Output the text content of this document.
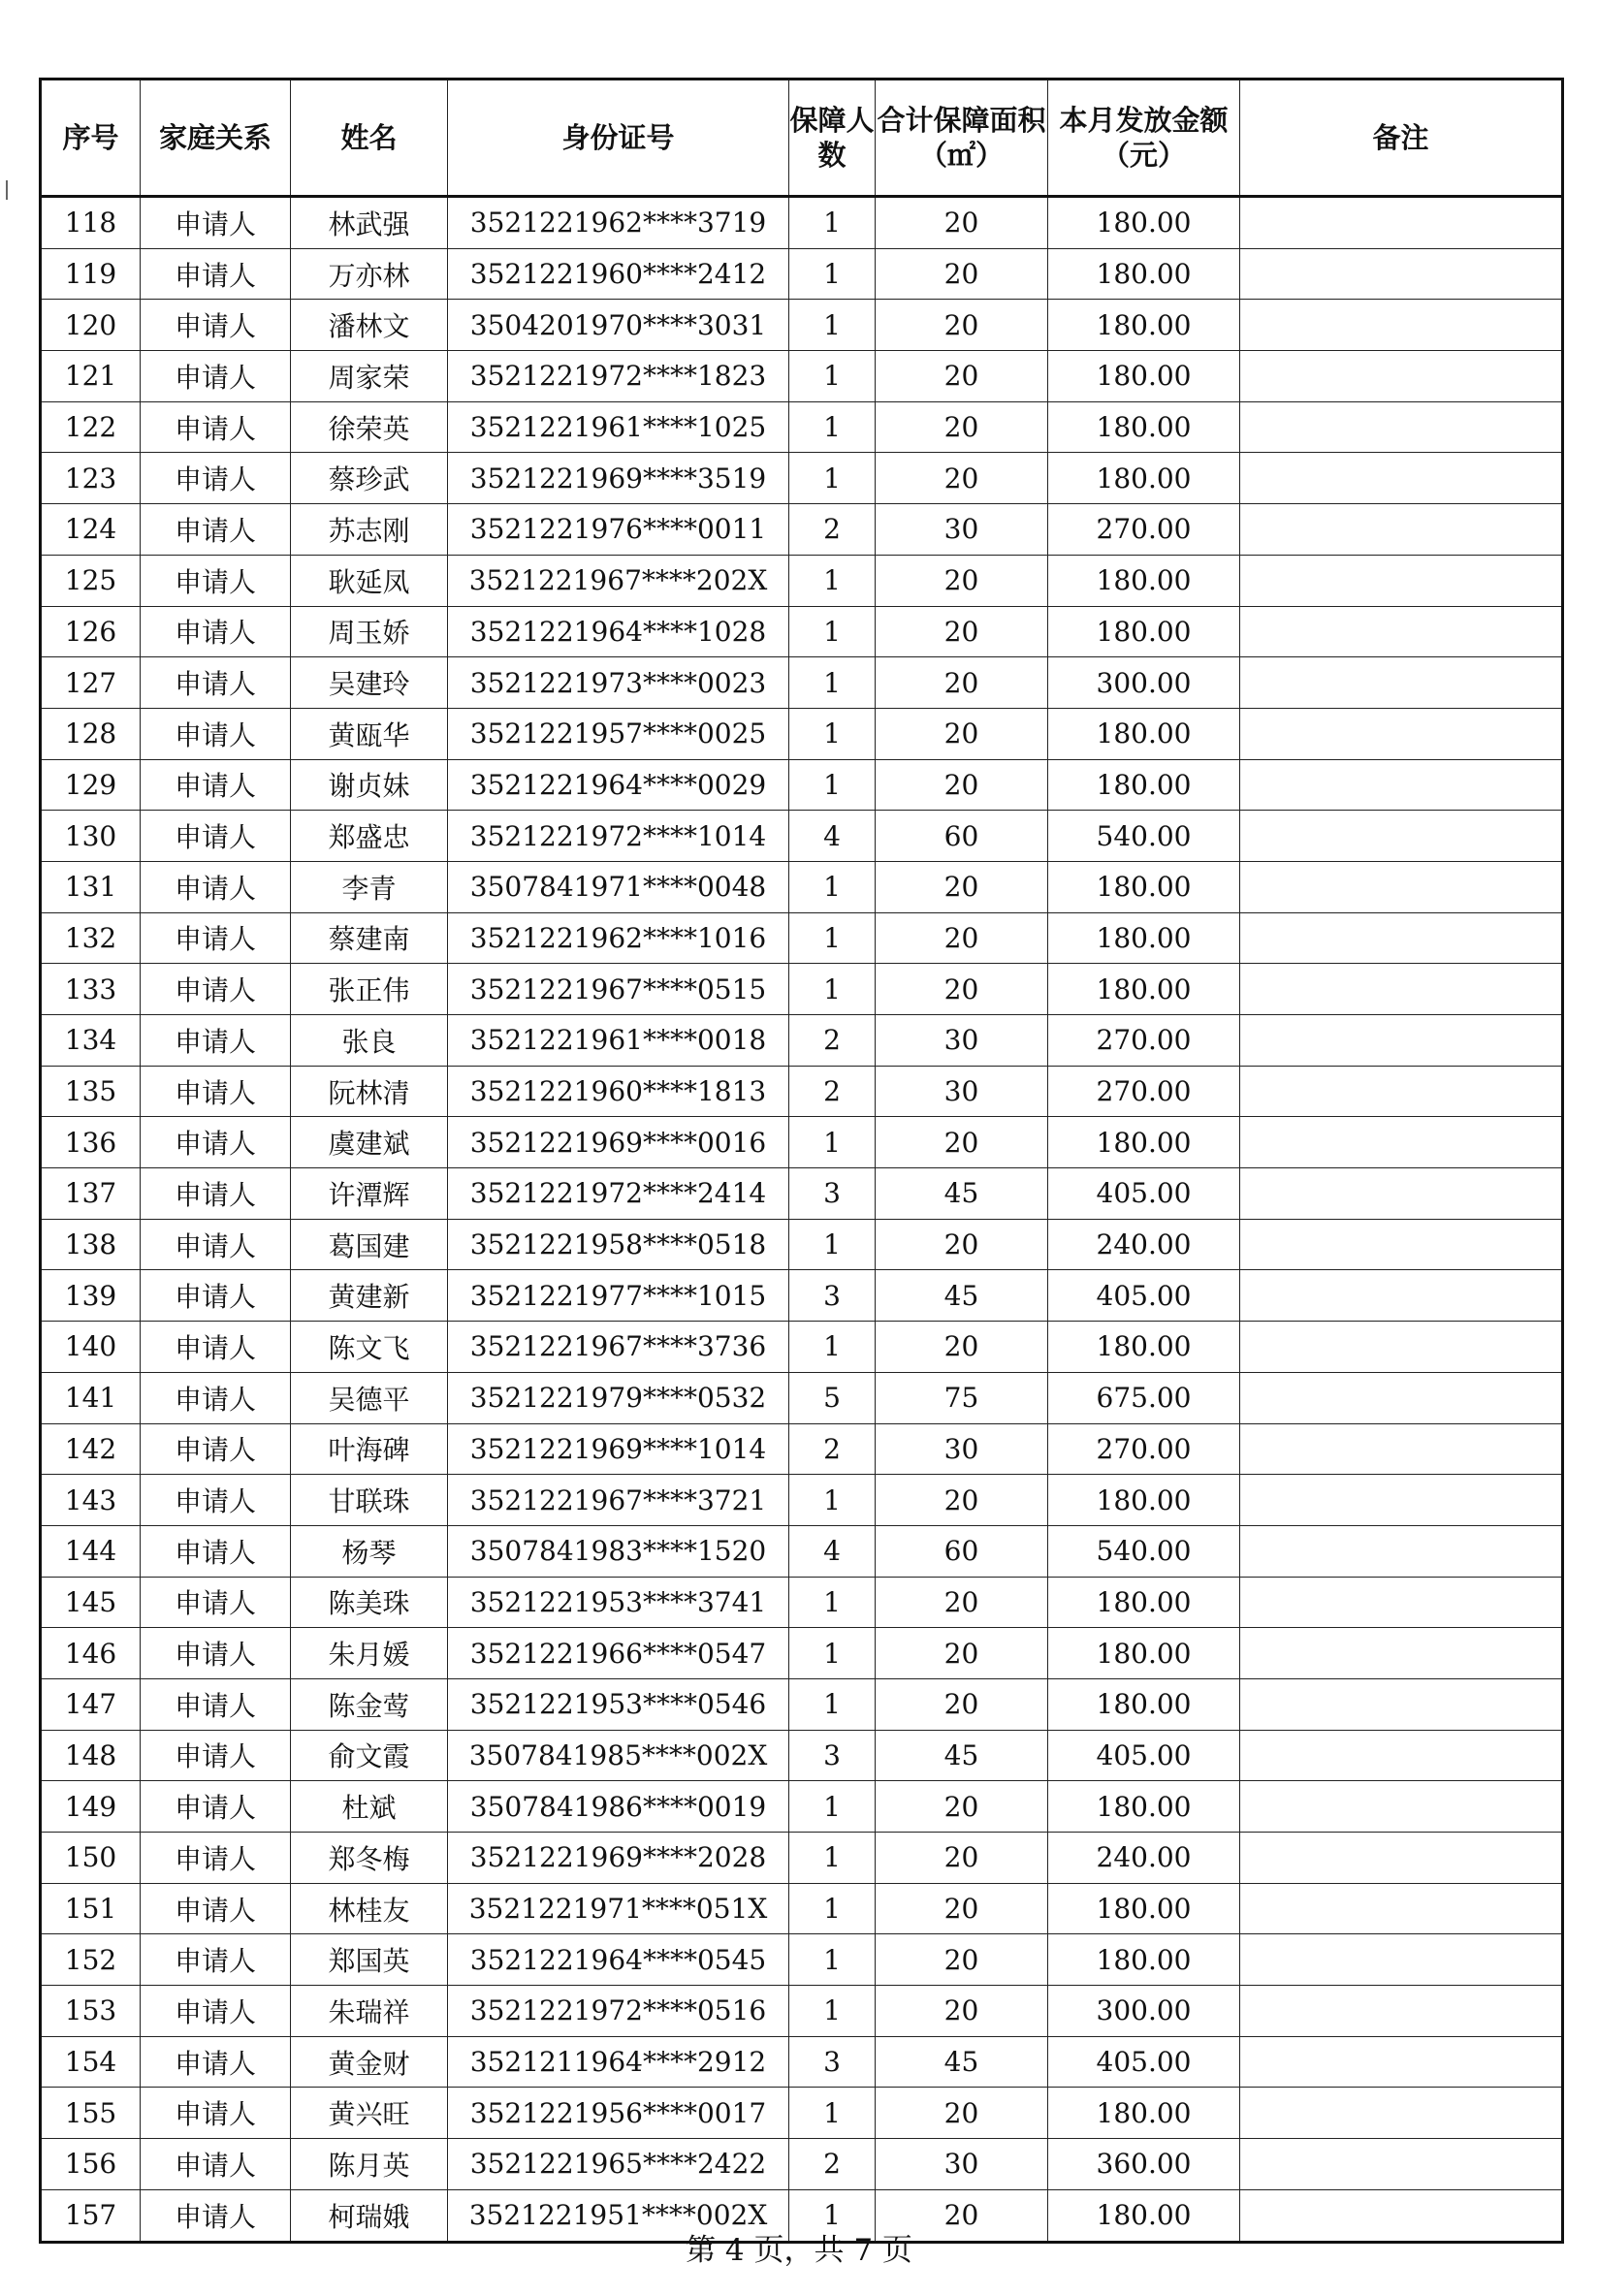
序号	家庭关系	姓名	身份证号	保障人数	合计保障面积（㎡）	本月发放金额（元）	备注
118	申请人	林武强	3521221962****3719	1	20	180.00	
119	申请人	万亦林	3521221960****2412	1	20	180.00	
120	申请人	潘林文	3504201970****3031	1	20	180.00	
121	申请人	周家荣	3521221972****1823	1	20	180.00	
122	申请人	徐荣英	3521221961****1025	1	20	180.00	
123	申请人	蔡珍武	3521221969****3519	1	20	180.00	
124	申请人	苏志刚	3521221976****0011	2	30	270.00	
125	申请人	耿延凤	3521221967****202X	1	20	180.00	
126	申请人	周玉娇	3521221964****1028	1	20	180.00	
127	申请人	吴建玲	3521221973****0023	1	20	300.00	
128	申请人	黄瓯华	3521221957****0025	1	20	180.00	
129	申请人	谢贞妹	3521221964****0029	1	20	180.00	
130	申请人	郑盛忠	3521221972****1014	4	60	540.00	
131	申请人	李青	3507841971****0048	1	20	180.00	
132	申请人	蔡建南	3521221962****1016	1	20	180.00	
133	申请人	张正伟	3521221967****0515	1	20	180.00	
134	申请人	张良	3521221961****0018	2	30	270.00	
135	申请人	阮林清	3521221960****1813	2	30	270.00	
136	申请人	虞建斌	3521221969****0016	1	20	180.00	
137	申请人	许潭辉	3521221972****2414	3	45	405.00	
138	申请人	葛国建	3521221958****0518	1	20	240.00	
139	申请人	黄建新	3521221977****1015	3	45	405.00	
140	申请人	陈文飞	3521221967****3736	1	20	180.00	
141	申请人	吴德平	3521221979****0532	5	75	675.00	
142	申请人	叶海碑	3521221969****1014	2	30	270.00	
143	申请人	甘联珠	3521221967****3721	1	20	180.00	
144	申请人	杨琴	3507841983****1520	4	60	540.00	
145	申请人	陈美珠	3521221953****3741	1	20	180.00	
146	申请人	朱月媛	3521221966****0547	1	20	180.00	
147	申请人	陈金莺	3521221953****0546	1	20	180.00	
148	申请人	俞文霞	3507841985****002X	3	45	405.00	
149	申请人	杜斌	3507841986****0019	1	20	180.00	
150	申请人	郑冬梅	3521221969****2028	1	20	240.00	
151	申请人	林桂友	3521221971****051X	1	20	180.00	
152	申请人	郑国英	3521221964****0545	1	20	180.00	
153	申请人	朱瑞祥	3521221972****0516	1	20	300.00	
154	申请人	黄金财	3521211964****2912	3	45	405.00	
155	申请人	黄兴旺	3521221956****0017	1	20	180.00	
156	申请人	陈月英	3521221965****2422	2	30	360.00	
157	申请人	柯瑞娥	3521221951****002X	1	20	180.00	
第 4 页，共 7 页
